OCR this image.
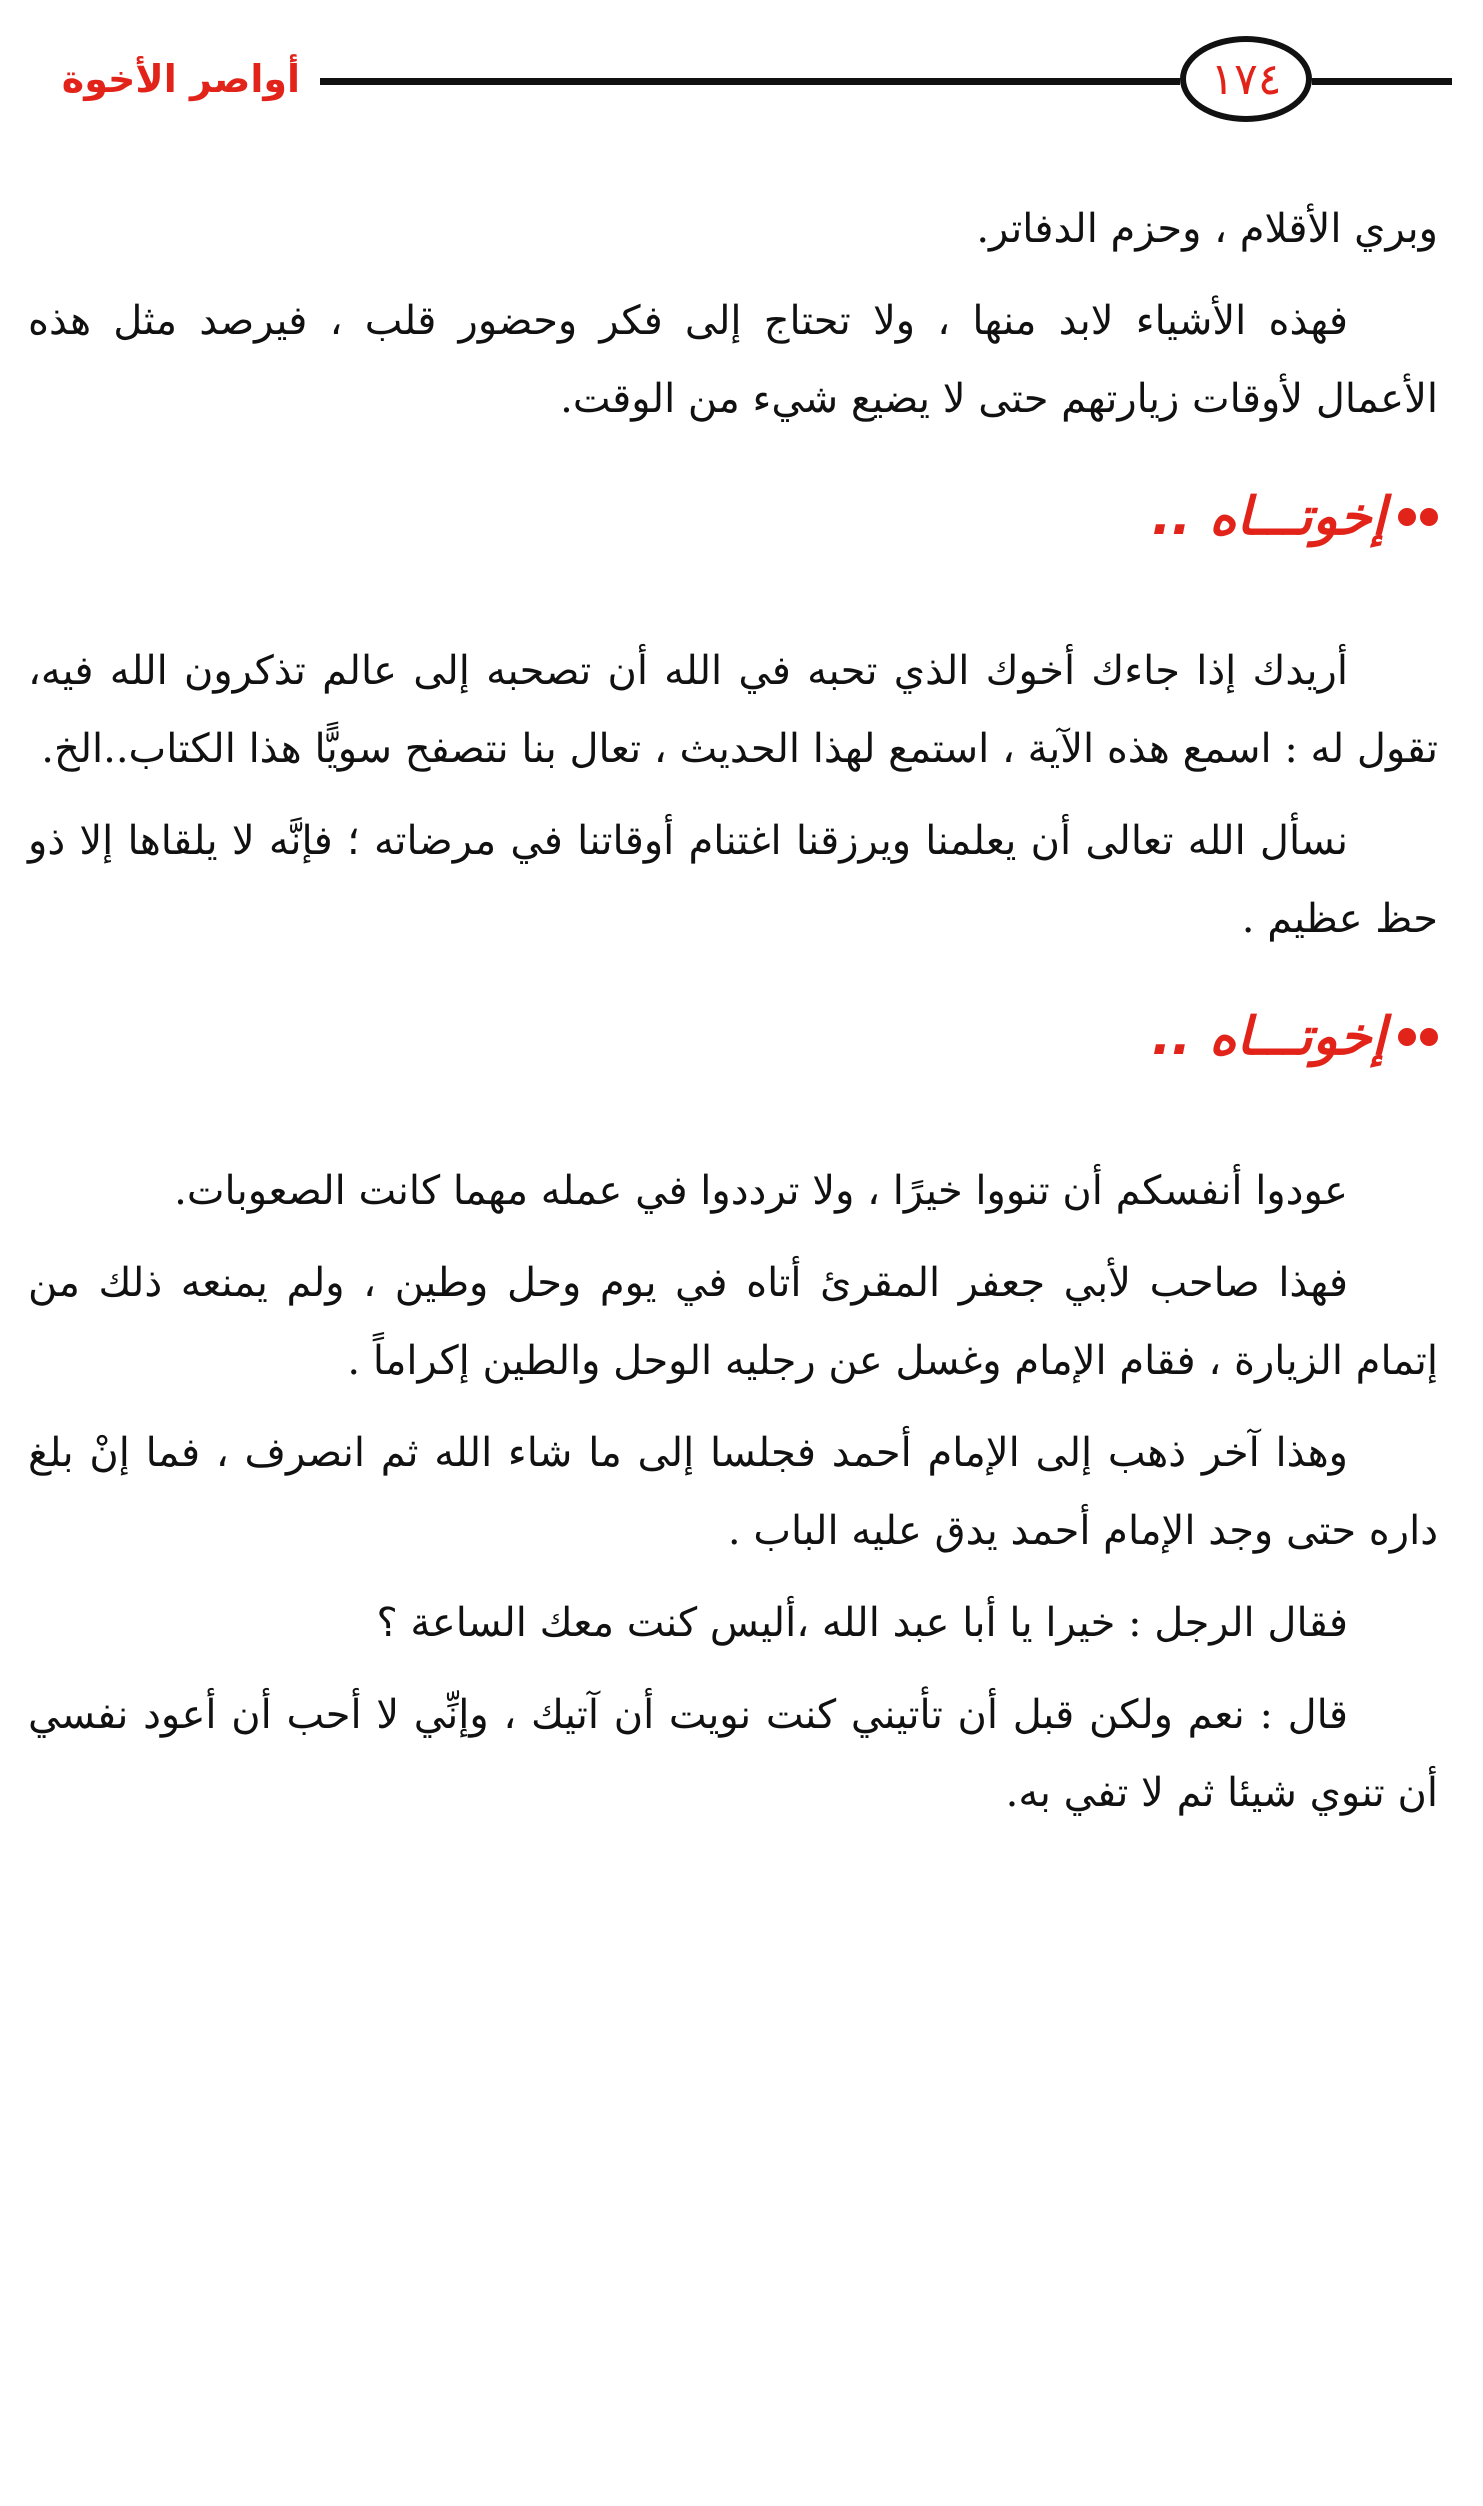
أواصر الأخوة	١٧٤

وبري الأقلام ، وحزم الدفاتر.

فهذه الأشياء لابد منها ، ولا تحتاج إلى فكر وحضور قلب ، فيرصد مثل هذه الأعمال لأوقات زيارتهم حتى لا يضيع شيء من الوقت.

إخوتـــاه ..

أريدك إذا جاءك أخوك الذي تحبه في الله أن تصحبه إلى عالم تذكرون الله فيه، تقول له : اسمع هذه الآية ، استمع لهذا الحديث ، تعال بنا نتصفح سويًّا هذا الكتاب..الخ.

نسأل الله تعالى أن يعلمنا ويرزقنا اغتنام أوقاتنا في مرضاته ؛ فإنَّه لا يلقاها إلا ذو حظ عظيم .

إخوتـــاه ..

عودوا أنفسكم أن تنووا خيرًا ، ولا ترددوا في عمله مهما كانت الصعوبات.

فهذا صاحب لأبي جعفر المقرئ أتاه في يوم وحل وطين ، ولم يمنعه ذلك من إتمام الزيارة ، فقام الإمام وغسل عن رجليه الوحل والطين إكراماً .

وهذا آخر ذهب إلى الإمام أحمد فجلسا إلى ما شاء الله ثم انصرف ، فما إنْ بلغ داره حتى وجد الإمام أحمد يدق عليه الباب .

فقال الرجل : خيرا يا أبا عبد الله ،أليس كنت معك الساعة ؟

قال : نعم ولكن قبل أن تأتيني كنت نويت أن آتيك ، وإنِّي لا أحب أن أعود نفسي أن تنوي شيئا ثم لا تفي به.
